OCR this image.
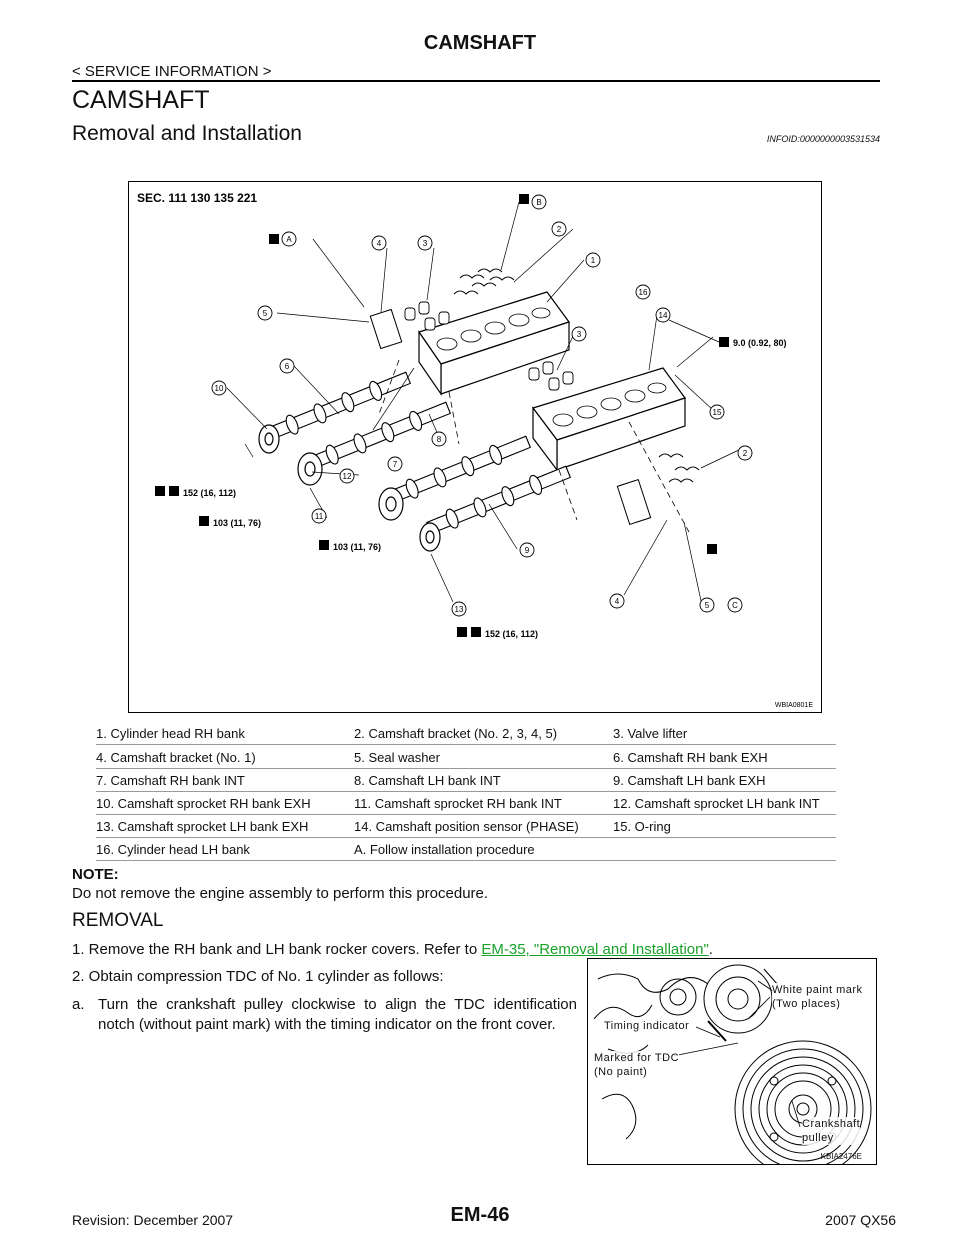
CAMSHAFT
< SERVICE INFORMATION >
CAMSHAFT
Removal and Installation	INFOID:0000000003531534
SEC. 111 130 135 221
9.0 (0.92, 80)
152 (16, 112)
103 (11, 76)
103 (11, 76)
152 (16, 112)
A
B
C
1
2
2
3
3
4
4
5
5
6
7
8
9
10
11
12
13
14
15
16
WBIA0801E
1. Cylinder head RH bank	2. Camshaft bracket (No. 2, 3, 4, 5)	3. Valve lifter
4. Camshaft bracket (No. 1)	5. Seal washer	6. Camshaft RH bank EXH
7. Camshaft RH bank INT	8. Camshaft LH bank INT	9. Camshaft LH bank EXH
10. Camshaft sprocket RH bank EXH	11. Camshaft sprocket RH bank INT	12. Camshaft sprocket LH bank INT
13. Camshaft sprocket LH bank EXH	14. Camshaft position sensor (PHASE)	15. O-ring
16. Cylinder head LH bank	A. Follow installation procedure
NOTE:
Do not remove the engine assembly to perform this procedure.
REMOVAL
1. Remove the RH bank and LH bank rocker covers. Refer to EM-35, "Removal and Installation".
2. Obtain compression TDC of No. 1 cylinder as follows:
a. Turn the crankshaft pulley clockwise to align the TDC identification notch (without paint mark) with the timing indicator on the front cover.
White paint mark
(Two places)
Timing indicator
Marked for TDC
(No paint)
Crankshaft
pulley
KBIA2476E
Revision: December 2007	EM-46	2007 QX56
